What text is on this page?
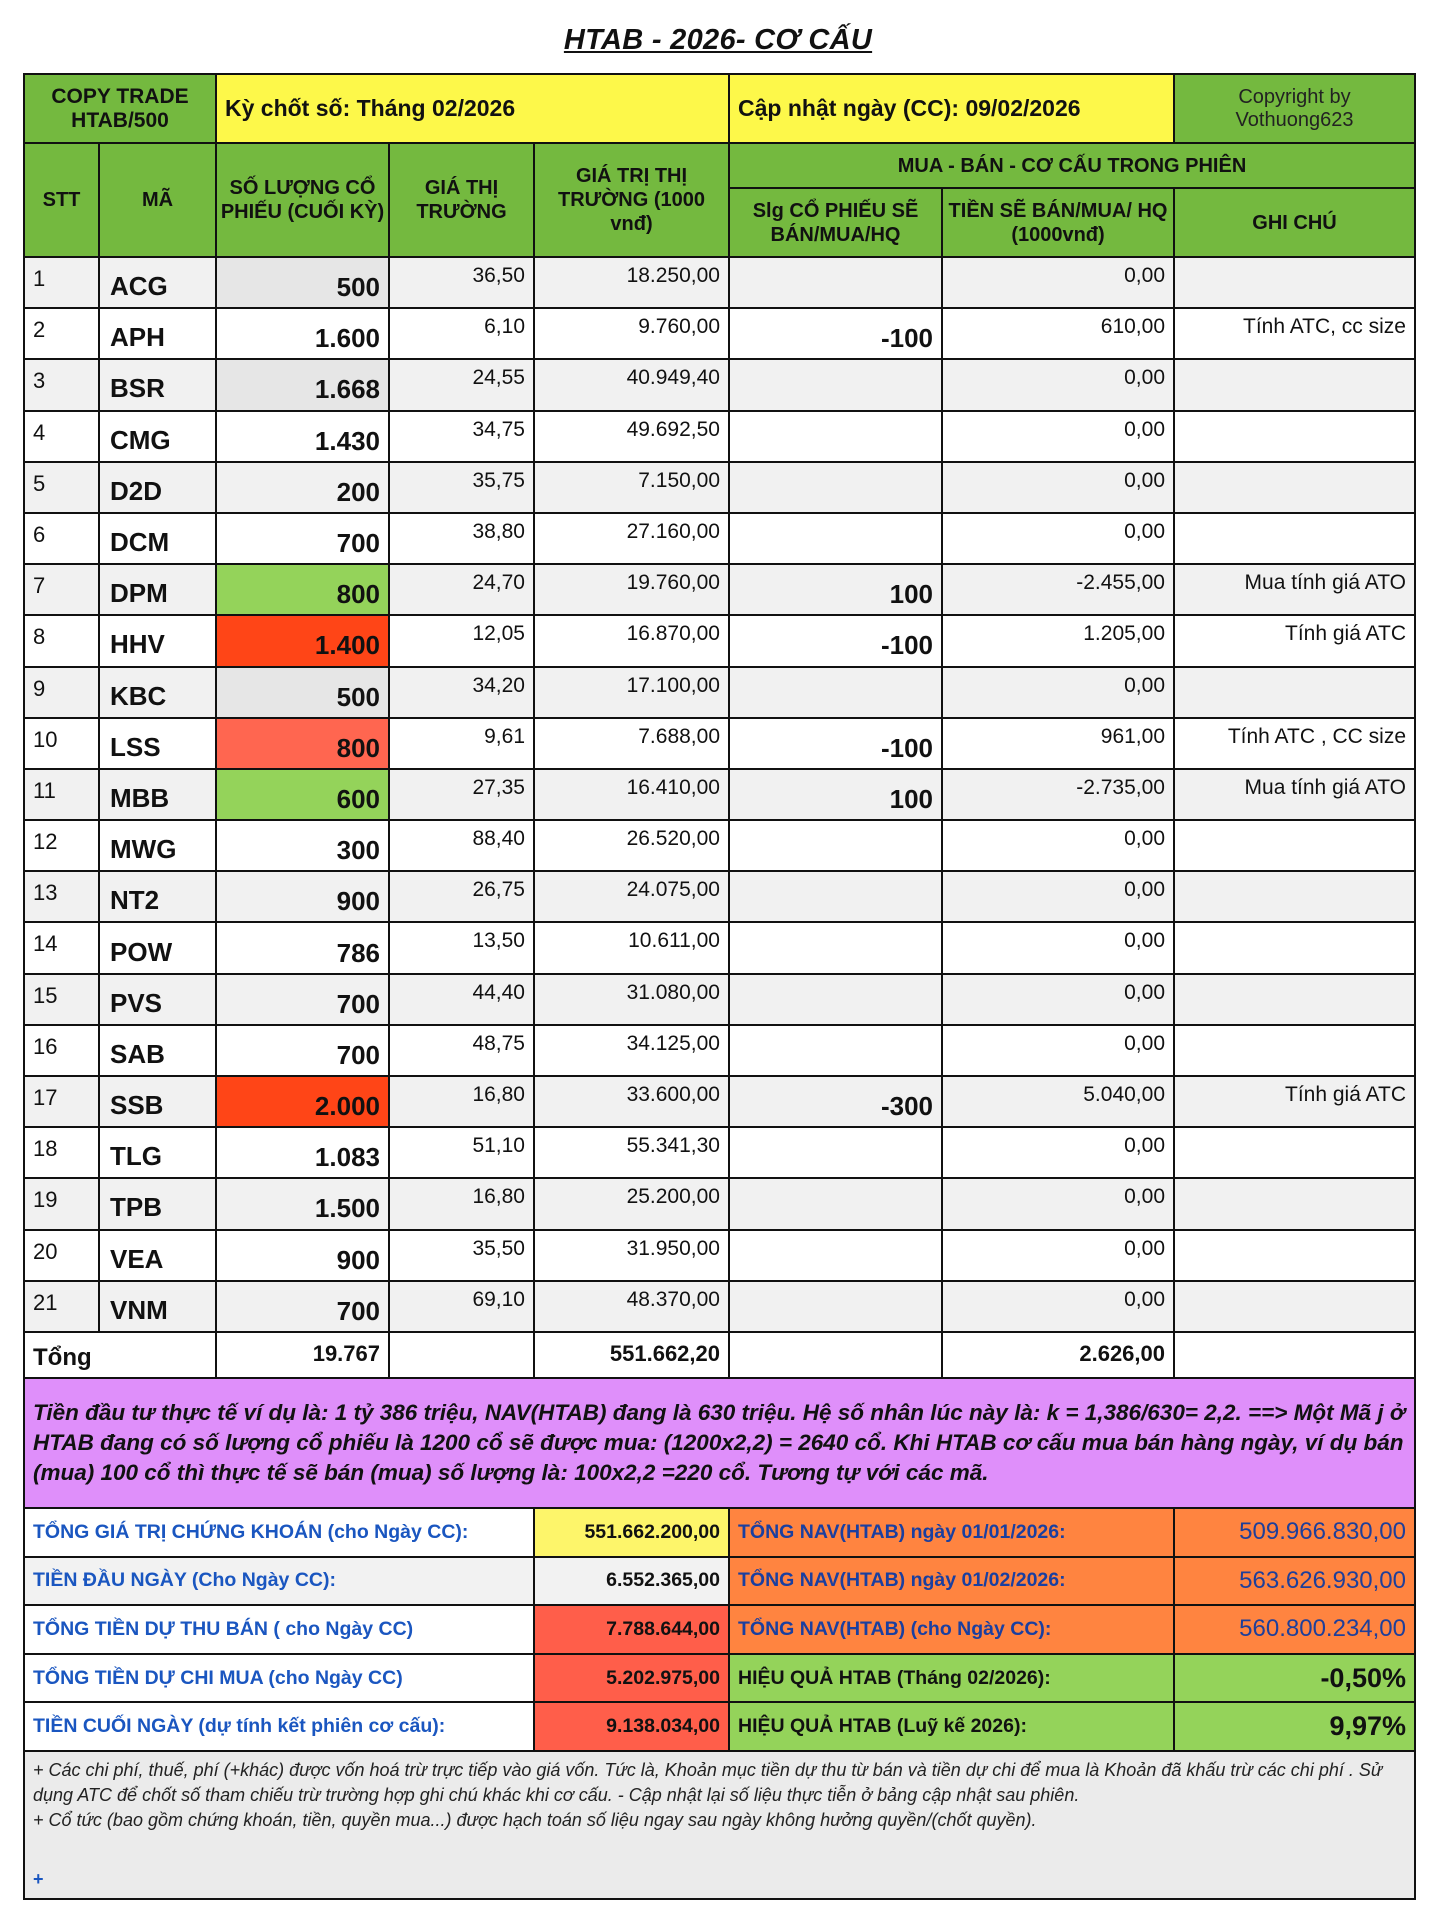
HTAB - 2026- CƠ CẤU
COPY TRADE
HTAB/500		Kỳ chốt số: Tháng 02/2026			Cập nhật ngày (CC): 09/02/2026		Copyright by
Vothuong623
STT	MÃ	SỐ LƯỢNG CỔ PHIẾU (CUỐI KỲ)	GIÁ THỊ TRƯỜNG	GIÁ TRỊ THỊ TRƯỜNG (1000 vnđ)	MUA - BÁN - CƠ CẤU TRONG PHIÊN		
					Slg CỔ PHIẾU SẼ BÁN/MUA/HQ	TIỀN SẼ BÁN/MUA/ HQ (1000vnđ)	GHI CHÚ
1	ACG	500	36,50	18.250,00		0,00	
2	APH	1.600	6,10	9.760,00	-100	610,00	Tính ATC, cc size
3	BSR	1.668	24,55	40.949,40		0,00	
4	CMG	1.430	34,75	49.692,50		0,00	
5	D2D	200	35,75	7.150,00		0,00	
6	DCM	700	38,80	27.160,00		0,00	
7	DPM	800	24,70	19.760,00	100	-2.455,00	Mua tính giá ATO
8	HHV	1.400	12,05	16.870,00	-100	1.205,00	Tính giá ATC
9	KBC	500	34,20	17.100,00		0,00	
10	LSS	800	9,61	7.688,00	-100	961,00	Tính ATC , CC size
11	MBB	600	27,35	16.410,00	100	-2.735,00	Mua tính giá ATO
12	MWG	300	88,40	26.520,00		0,00	
13	NT2	900	26,75	24.075,00		0,00	
14	POW	786	13,50	10.611,00		0,00	
15	PVS	700	44,40	31.080,00		0,00	
16	SAB	700	48,75	34.125,00		0,00	
17	SSB	2.000	16,80	33.600,00	-300	5.040,00	Tính giá ATC
18	TLG	1.083	51,10	55.341,30		0,00	
19	TPB	1.500	16,80	25.200,00		0,00	
20	VEA	900	35,50	31.950,00		0,00	
21	VNM	700	69,10	48.370,00		0,00	
Tổng		19.767		551.662,20		2.626,00	
Tiền đầu tư thực tế ví dụ là: 1 tỷ 386 triệu, NAV(HTAB) đang là 630 triệu. Hệ số nhân lúc này là: k = 1,386/630= 2,2. ==> Một Mã j ở HTAB đang có số lượng cổ phiếu là 1200 cổ sẽ được mua: (1200x2,2) = 2640 cổ. Khi HTAB cơ cấu mua bán hàng ngày, ví dụ bán (mua) 100 cổ thì thực tế sẽ bán (mua) số lượng là: 100x2,2 =220 cổ. Tương tự với các mã.							
TỔNG GIÁ TRỊ CHỨNG KHOÁN (cho Ngày CC):				551.662.200,00	TỔNG NAV(HTAB) ngày 01/01/2026:		509.966.830,00
TIỀN ĐẦU NGÀY (Cho Ngày CC):				6.552.365,00	TỔNG NAV(HTAB) ngày 01/02/2026:		563.626.930,00
TỔNG TIỀN DỰ THU BÁN ( cho Ngày CC)				7.788.644,00	TỔNG NAV(HTAB) (cho Ngày CC):		560.800.234,00
TỔNG TIỀN DỰ CHI MUA (cho Ngày CC)				5.202.975,00	HIỆU QUẢ HTAB (Tháng 02/2026):		-0,50%
TIỀN CUỐI NGÀY (dự tính kết phiên cơ cấu):				9.138.034,00	HIỆU QUẢ HTAB (Luỹ kế 2026):		9,97%
+ Các chi phí, thuế, phí (+khác) được vốn hoá trừ trực tiếp vào giá vốn. Tức là, Khoản mục tiền dự thu từ bán và tiền dự chi để mua là Khoản đã khấu trừ các chi phí . Sử dụng ATC để chốt số tham chiếu trừ trường hợp ghi chú khác khi cơ cấu. - Cập nhật lại số liệu thực tiễn ở bảng cập nhật sau phiên.
+ Cổ tức (bao gồm chứng khoán, tiền, quyền mua...) được hạch toán số liệu ngay sau ngày không hưởng quyền/(chốt quyền).
+							
